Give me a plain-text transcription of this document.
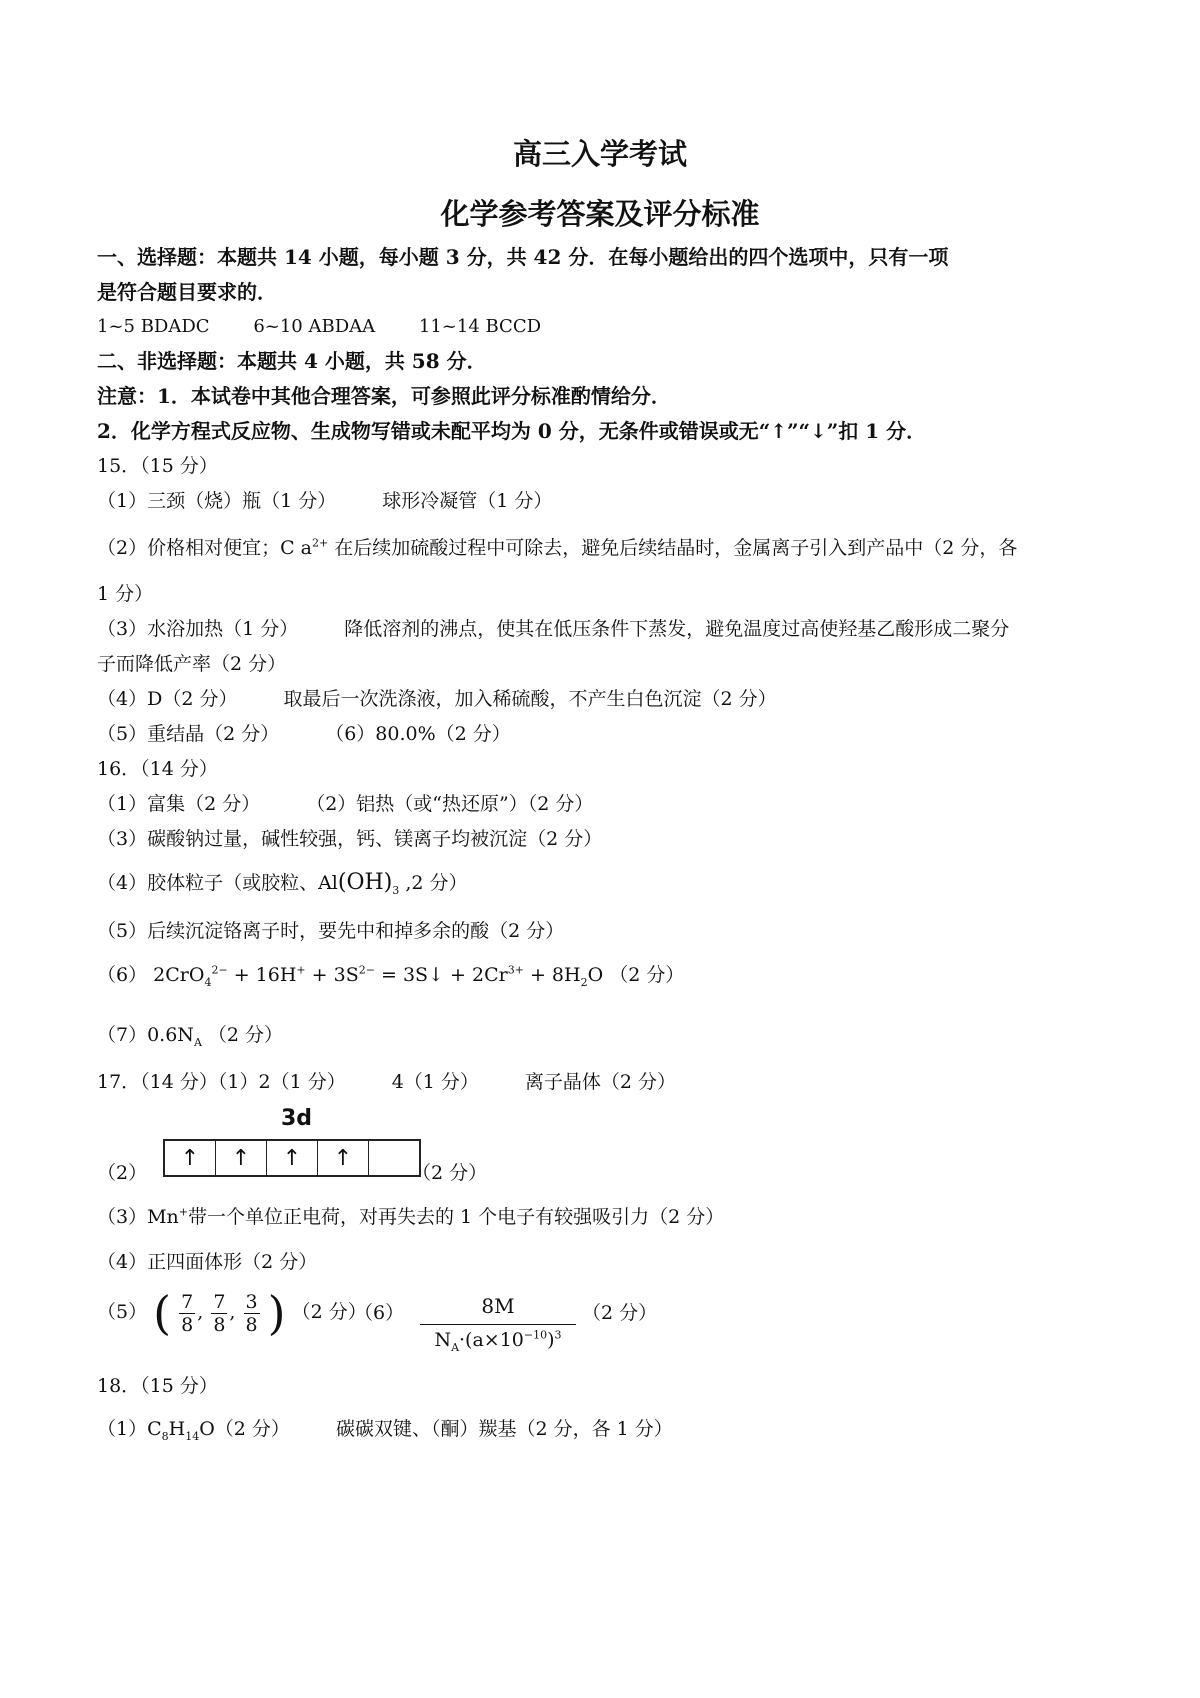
高三入学考试
化学参考答案及评分标准
一、选择题：本题共 14 小题，每小题 3 分，共 42 分．在每小题给出的四个选项中，只有一项
是符合题目要求的．
1~5 BDADC 6~10 ABDAA 11~14 BCCD
二、非选择题：本题共 4 小题，共 58 分．
注意：1．本试卷中其他合理答案，可参照此评分标准酌情给分．
2．化学方程式反应物、生成物写错或未配平均为 0 分，无条件或错误或无“↑”“↓”扣 1 分．
15．（15 分）
（1）三颈（烧）瓶（1 分） 球形冷凝管（1 分）
（2）价格相对便宜；C $a^{2+}$ 在后续加硫酸过程中可除去，避免后续结晶时，金属离子引入到产品中（2 分，各
1 分）
（3）水浴加热（1 分） 降低溶剂的沸点，使其在低压条件下蒸发，避免温度过高使羟基乙酸形成二聚分
子而降低产率（2 分）
（4）D（2 分） 取最后一次洗涤液，加入稀硫酸，不产生白色沉淀（2 分）
（5）重结晶（2 分） （6）80.0%（2 分）
16．（14 分）
（1）富集（2 分） （2）铝热（或“热还原”）（2 分）
（3）碳酸钠过量，碱性较强，钙、镁离子均被沉淀（2 分）
（4）胶体粒子（或胶粒、$Al(OH)_3$ ,2 分）
（5）后续沉淀铬离子时，要先中和掉多余的酸（2 分）
（6） $2CrO_4^{2-} + 16H^+ + 3S^{2-}$ = 3S↓ + $2Cr^{3+} + 8H_2O$ （2 分）
$(7)0.6N_A$ （2 分）
17．（14 分）（1）2（1 分） 4（1 分） 离子晶体（2 分）
3d
（2）
↑	↑	↑	↑
（2 分）
（3）Mn+带一个单位正电荷，对再失去的 1 个电子有较强吸引力（2 分）
（4）正四面体形（2 分）
（5） ( $\frac{7}{8}$ , $\frac{7}{8}$ , $\frac{3}{8}$ ) （2 分）
$(6) \frac{8M}{N_A\cdot(a\times 10^{-10})^3} (2$ 分）
18．（15 分）
$(1)C_8H_{14}O(2$ 分） 碳碳双键、（酮）羰基（2 分，各 1 分）
